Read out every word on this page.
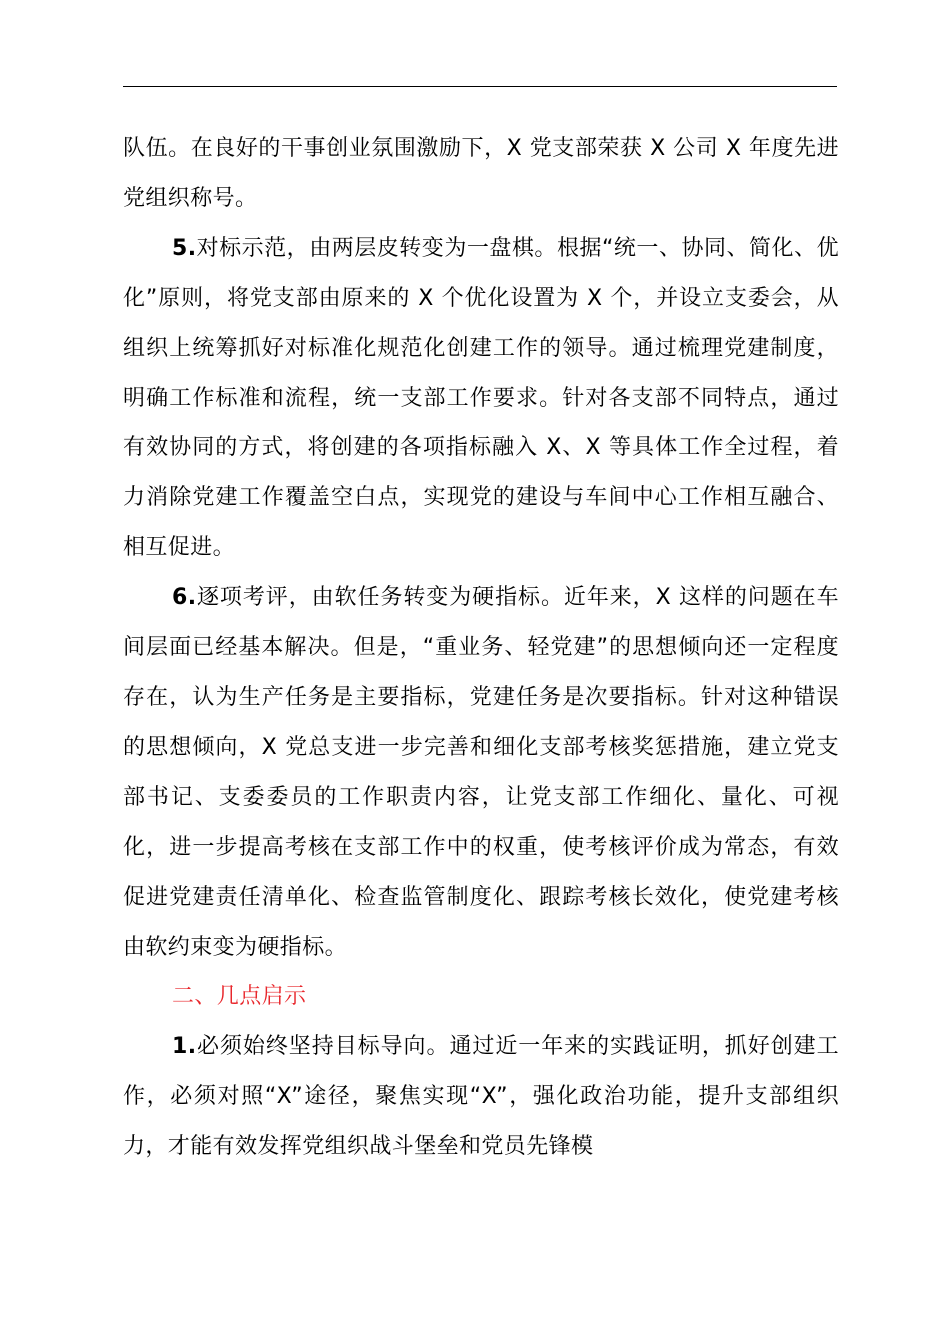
队伍。在良好的干事创业氛围激励下，X 党支部荣获 X 公司 X 年度先进党组织称号。

5.对标示范，由两层皮转变为一盘棋。根据“统一、协同、简化、优化”原则，将党支部由原来的 X 个优化设置为 X 个，并设立支委会，从组织上统筹抓好对标准化规范化创建工作的领导。通过梳理党建制度，明确工作标准和流程，统一支部工作要求。针对各支部不同特点，通过有效协同的方式，将创建的各项指标融入 X、X 等具体工作全过程，着力消除党建工作覆盖空白点，实现党的建设与车间中心工作相互融合、相互促进。

6.逐项考评，由软任务转变为硬指标。近年来，X 这样的问题在车间层面已经基本解决。但是，“重业务、轻党建”的思想倾向还一定程度存在，认为生产任务是主要指标，党建任务是次要指标。针对这种错误的思想倾向，X 党总支进一步完善和细化支部考核奖惩措施，建立党支部书记、支委委员的工作职责内容，让党支部工作细化、量化、可视化，进一步提高考核在支部工作中的权重，使考核评价成为常态，有效促进党建责任清单化、检查监管制度化、跟踪考核长效化，使党建考核由软约束变为硬指标。

二、几点启示

1.必须始终坚持目标导向。通过近一年来的实践证明，抓好创建工作，必须对照“X”途径，聚焦实现“X”，强化政治功能，提升支部组织力，才能有效发挥党组织战斗堡垒和党员先锋模
